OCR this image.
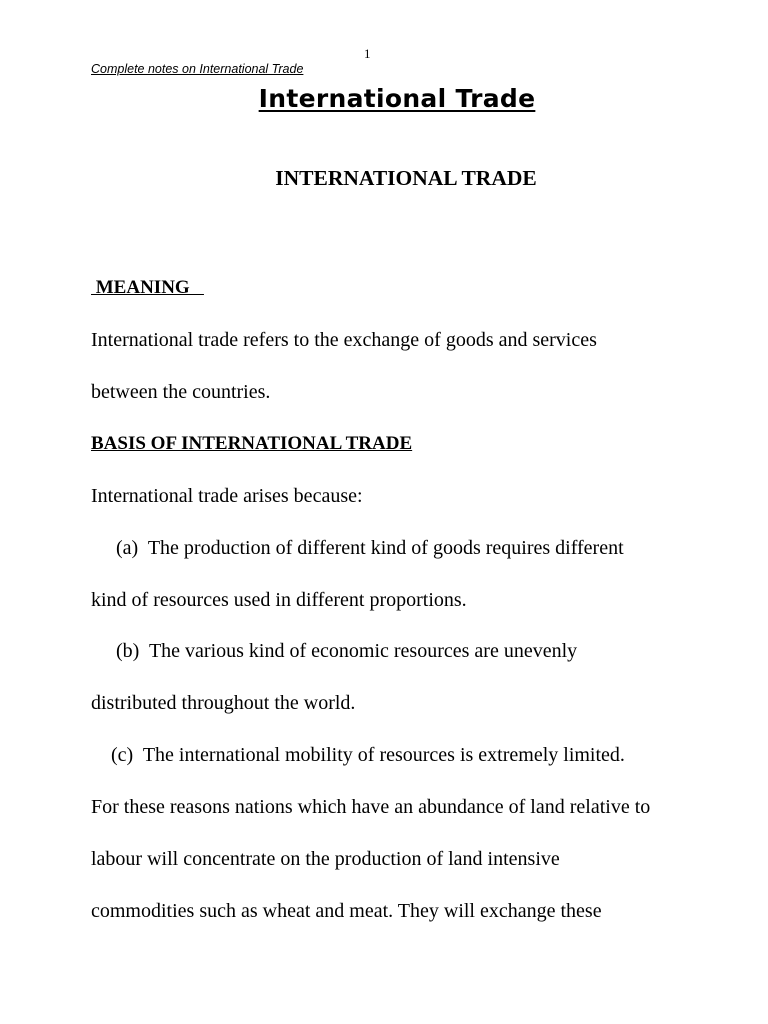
1
Complete notes on International Trade
International Trade
INTERNATIONAL TRADE
MEANING
International trade refers to the exchange of goods and services
between the countries.
BASIS OF INTERNATIONAL TRADE
International trade arises because:
(a)  The production of different kind of goods requires different
kind of resources used in different proportions.
(b)  The various kind of economic resources are unevenly
distributed throughout the world.
(c)  The international mobility of resources is extremely limited.
For these reasons nations which have an abundance of land relative to
labour will concentrate on the production of land intensive
commodities such as wheat and meat. They will exchange these
